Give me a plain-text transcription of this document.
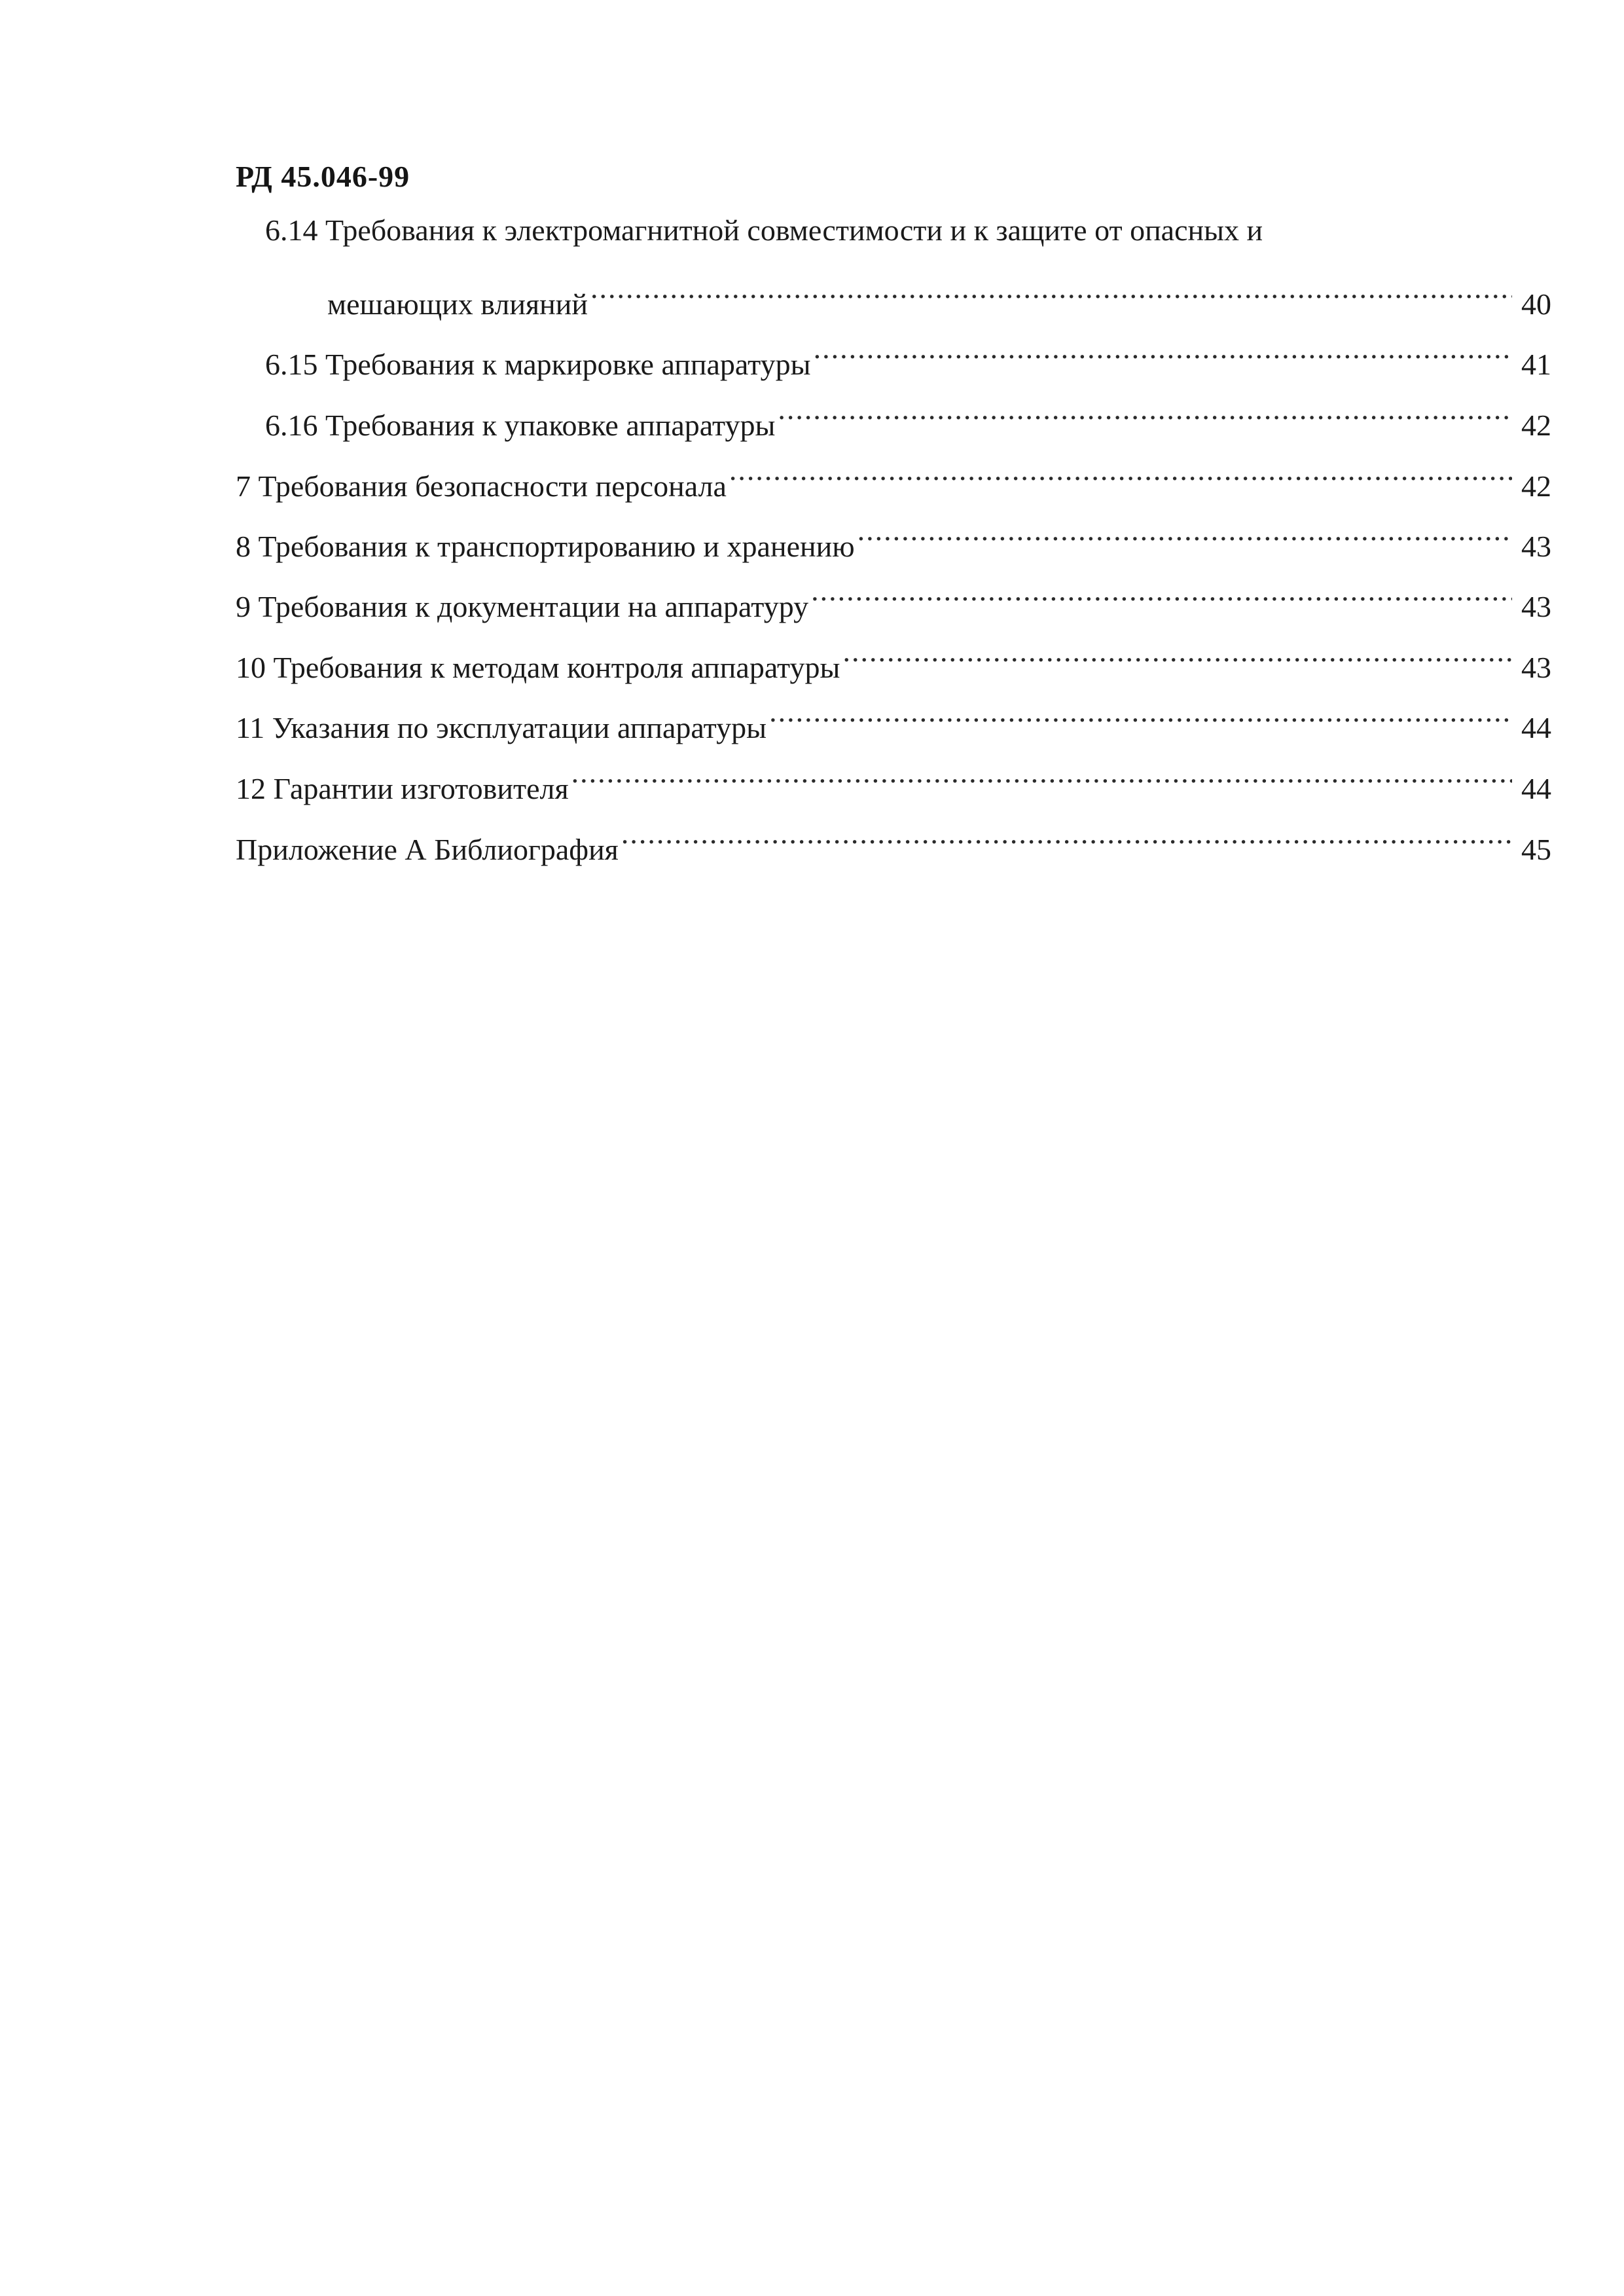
РД 45.046-99
6.14 Требования к электромагнитной совместимости и к защите от опасных и
мешающих влияний .....	40
6.15 Требования к маркировке аппаратуры .....	41
6.16 Требования к упаковке аппаратуры .....	42
7 Требования безопасности персонала .....	42
8 Требования к транспортированию и хранению .....	43
9 Требования к документации на аппаратуру .....	43
10 Требования к методам контроля аппаратуры .....	43
11 Указания по эксплуатации аппаратуры .....	44
12 Гарантии изготовителя .....	44
Приложение А Библиография .....	45
